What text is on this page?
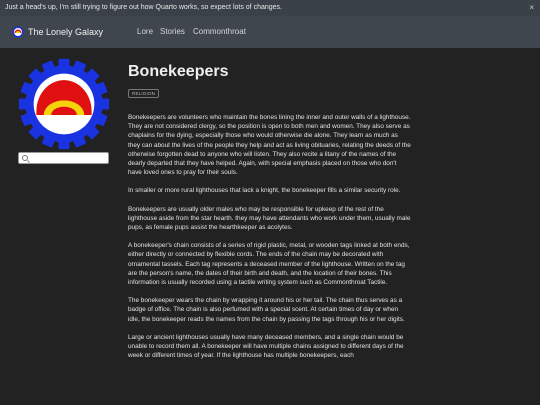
Just a head's up, I'm still trying to figure out how Quarto works, so expect lots of changes.	×
The Lonely Galaxy	Lore Stories Commonthroat
Bonekeepers
RELIGION

Bonekeepers are volunteers who maintain the bones lining the inner and outer walls of a lighthouse. They are not considered clergy, so the position is open to both men and women. They also serve as chaplains for the dying, especially those who would otherwise die alone. They learn as much as they can about the lives of the people they help and act as living obituaries, relating the deeds of the otherwise forgotten dead to anyone who will listen. They also recite a litany of the names of the dearly departed that they have helped. Again, with special emphasis placed on those who don't have loved ones to pray for their souls.

In smaller or more rural lighthouses that lack a knight, the bonekeeper fills a similar security role.

Bonekeepers are usually older males who may be responsible for upkeep of the rest of the lighthouse aside from the star hearth. they may have attendants who work under them, usually male pups, as female pups assist the hearthkeeper as acolytes.

A bonekeeper's chain consists of a series of rigid plastic, metal, or wooden tags linked at both ends, either directly or connected by flexible cords. The ends of the chain may be decorated with ornamental tassels. Each tag represents a deceased member of the lighthouse. Written on the tag are the person's name, the dates of their birth and death, and the location of their bones. This information is usually recorded using a tactile writing system such as Commonthroat Tactile.

The bonekeeper wears the chain by wrapping it around his or her tail. The chain thus serves as a badge of office. The chain is also perfumed with a special scent. At certain times of day or when idle, the bonekeeper reads the names from the chain by passing the tags through his or her digits.

Large or ancient lighthouses usually have many deceased members, and a single chain would be unable to record them all. A bonekeeper will have multiple chains assigned to different days of the week or different times of year. If the lighthouse has multiple bonekeepers, each
